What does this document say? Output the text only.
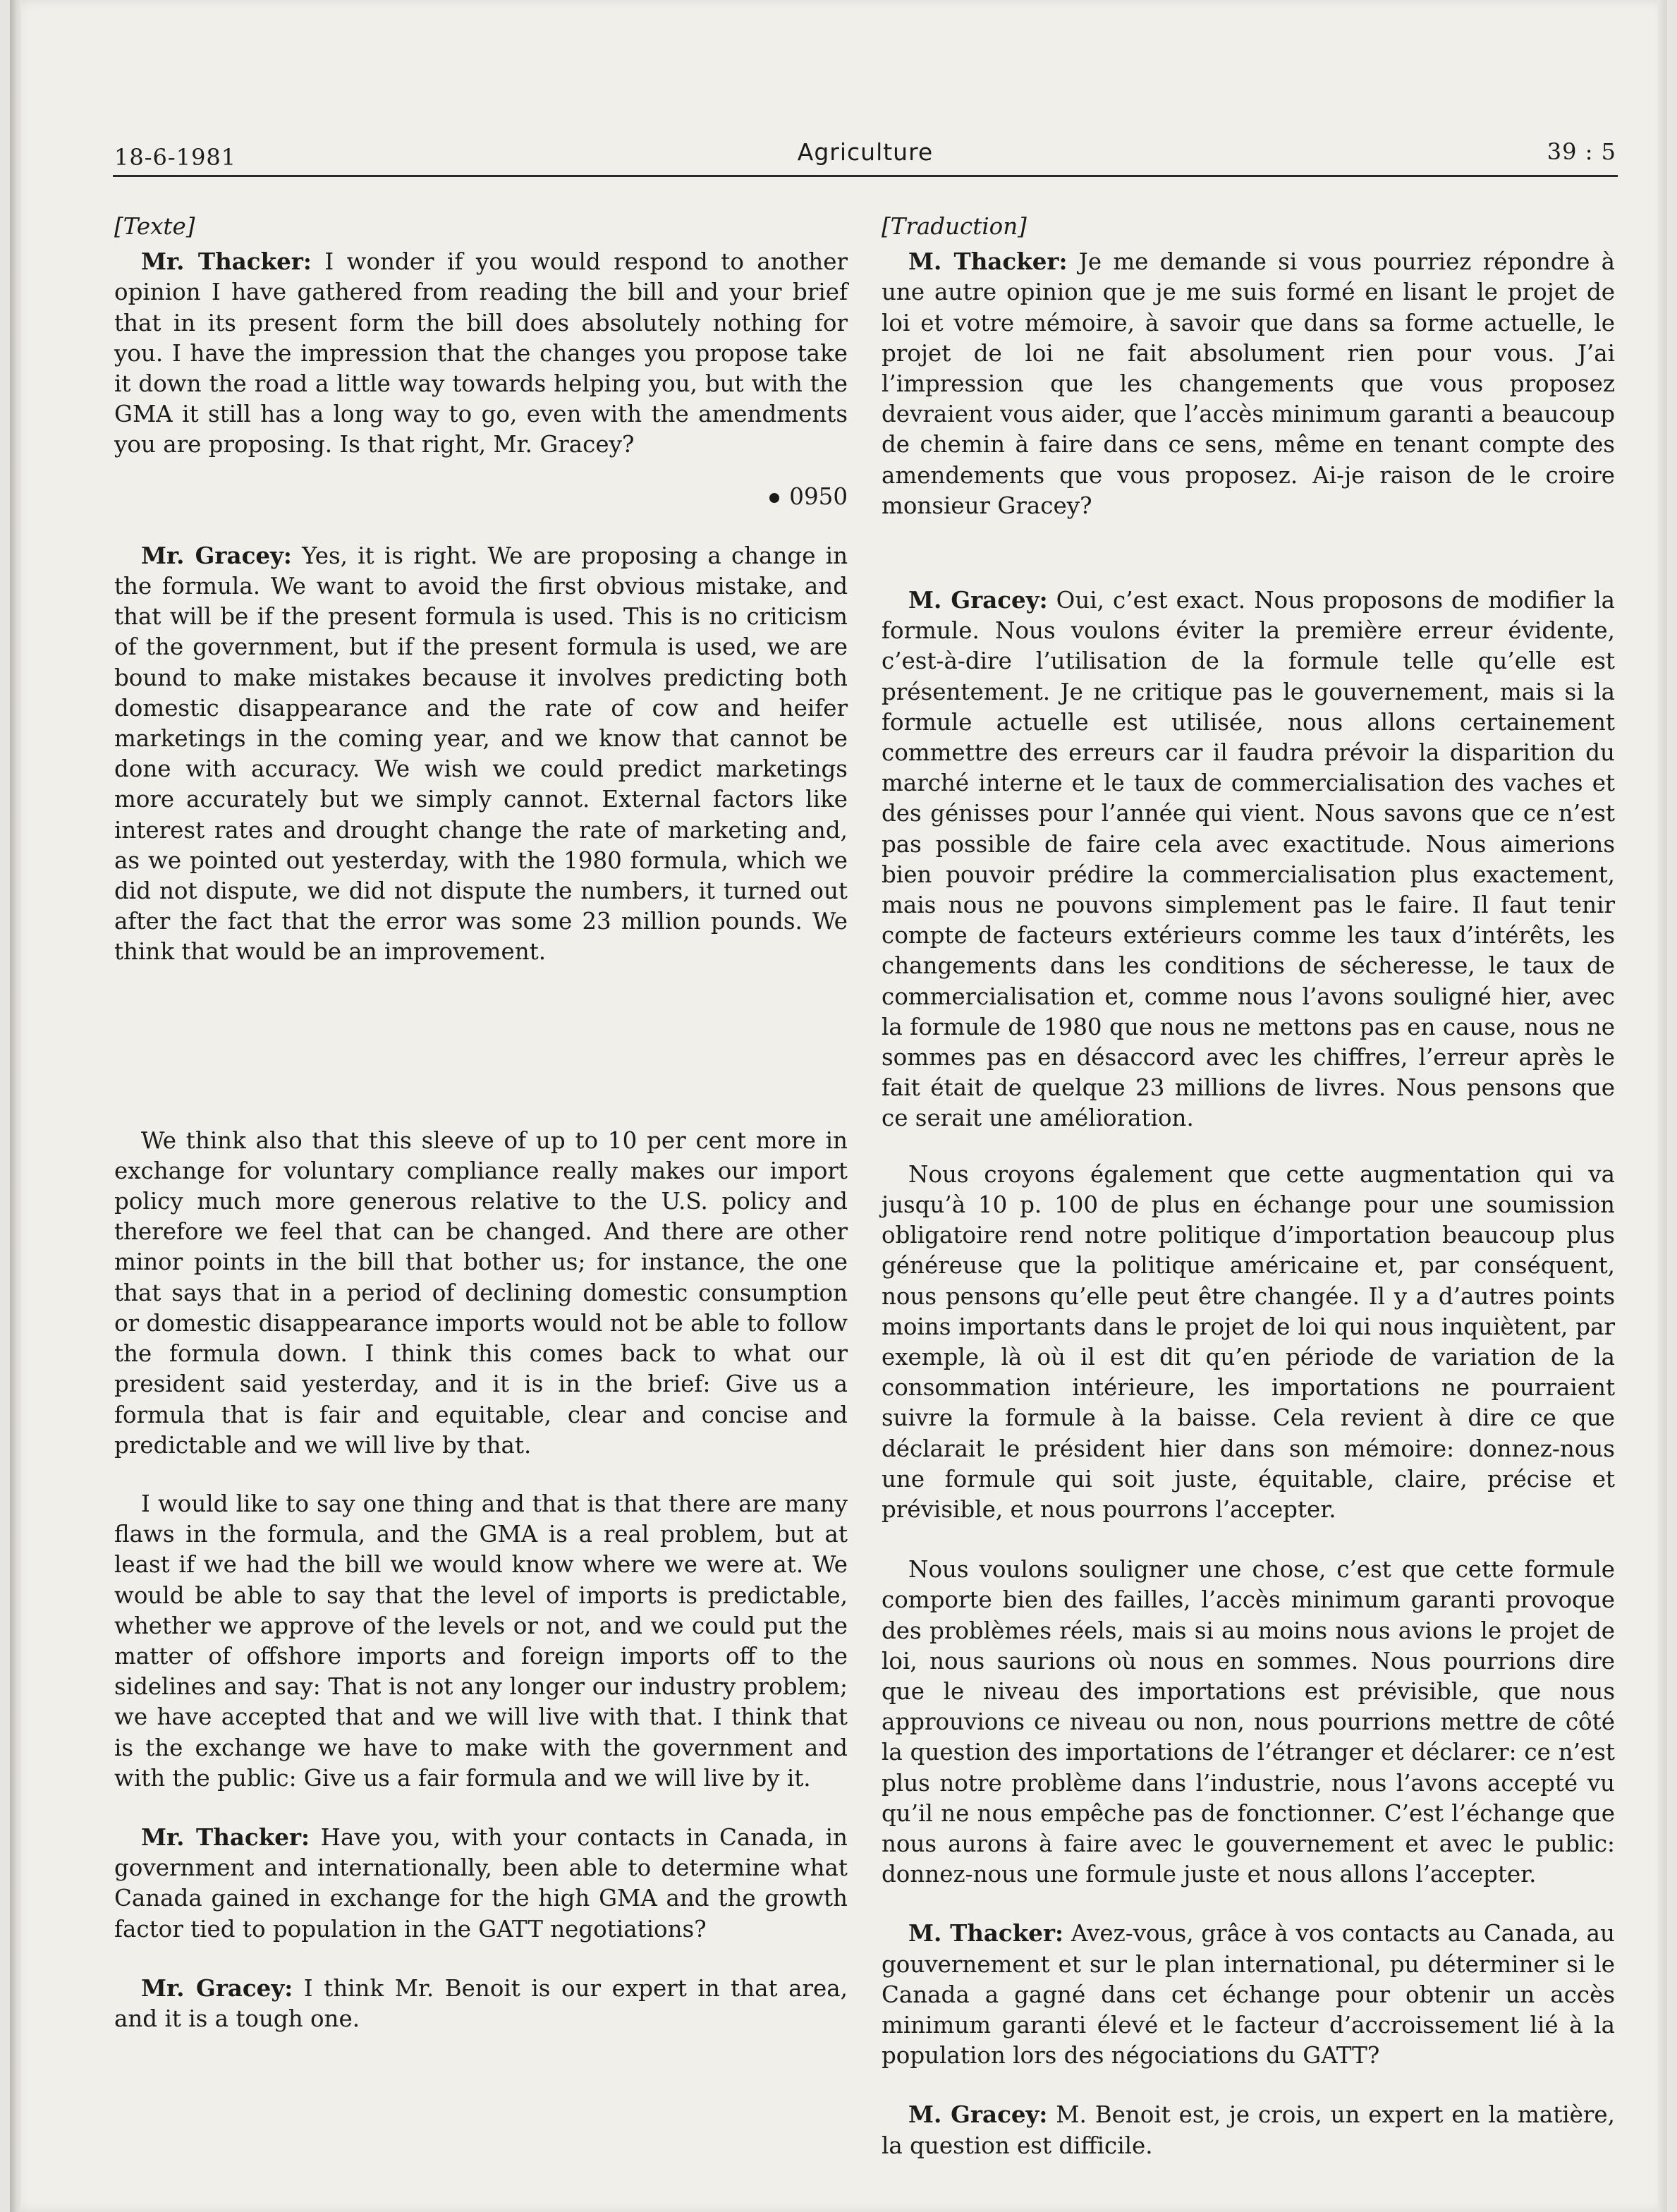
18-6-1981	Agriculture	39 : 5

[Texte]

Mr. Thacker: I wonder if you would respond to another opinion I have gathered from reading the bill and your brief that in its present form the bill does absolutely nothing for you. I have the impression that the changes you propose take it down the road a little way towards helping you, but with the GMA it still has a long way to go, even with the amendments you are proposing. Is that right, Mr. Gracey?

0950

Mr. Gracey: Yes, it is right. We are proposing a change in the formula. We want to avoid the first obvious mistake, and that will be if the present formula is used. This is no criticism of the government, but if the present formula is used, we are bound to make mistakes because it involves predicting both domestic disappearance and the rate of cow and heifer marketings in the coming year, and we know that cannot be done with accuracy. We wish we could predict marketings more accurately but we simply cannot. External factors like interest rates and drought change the rate of marketing and, as we pointed out yesterday, with the 1980 formula, which we did not dispute, we did not dispute the numbers, it turned out after the fact that the error was some 23 million pounds. We think that would be an improvement.

We think also that this sleeve of up to 10 per cent more in exchange for voluntary compliance really makes our import policy much more generous relative to the U.S. policy and therefore we feel that can be changed. And there are other minor points in the bill that bother us; for instance, the one that says that in a period of declining domestic consumption or domestic disappearance imports would not be able to follow the formula down. I think this comes back to what our president said yesterday, and it is in the brief: Give us a formula that is fair and equitable, clear and concise and predictable and we will live by that.

I would like to say one thing and that is that there are many flaws in the formula, and the GMA is a real problem, but at least if we had the bill we would know where we were at. We would be able to say that the level of imports is predictable, whether we approve of the levels or not, and we could put the matter of offshore imports and foreign imports off to the sidelines and say: That is not any longer our industry problem; we have accepted that and we will live with that. I think that is the exchange we have to make with the government and with the public: Give us a fair formula and we will live by it.

Mr. Thacker: Have you, with your contacts in Canada, in government and internationally, been able to determine what Canada gained in exchange for the high GMA and the growth factor tied to population in the GATT negotiations?

Mr. Gracey: I think Mr. Benoit is our expert in that area, and it is a tough one.

[Traduction]

M. Thacker: Je me demande si vous pourriez répondre à une autre opinion que je me suis formé en lisant le projet de loi et votre mémoire, à savoir que dans sa forme actuelle, le projet de loi ne fait absolument rien pour vous. J’ai l’impression que les changements que vous proposez devraient vous aider, que l’accès minimum garanti a beaucoup de chemin à faire dans ce sens, même en tenant compte des amendements que vous proposez. Ai-je raison de le croire monsieur Gracey?

M. Gracey: Oui, c’est exact. Nous proposons de modifier la formule. Nous voulons éviter la première erreur évidente, c’est-à-dire l’utilisation de la formule telle qu’elle est présentement. Je ne critique pas le gouvernement, mais si la formule actuelle est utilisée, nous allons certainement commettre des erreurs car il faudra prévoir la disparition du marché interne et le taux de commercialisation des vaches et des génisses pour l’année qui vient. Nous savons que ce n’est pas possible de faire cela avec exactitude. Nous aimerions bien pouvoir prédire la commercialisation plus exactement, mais nous ne pouvons simplement pas le faire. Il faut tenir compte de facteurs extérieurs comme les taux d’intérêts, les changements dans les conditions de sécheresse, le taux de commercialisation et, comme nous l’avons souligné hier, avec la formule de 1980 que nous ne mettons pas en cause, nous ne sommes pas en désaccord avec les chiffres, l’erreur après le fait était de quelque 23 millions de livres. Nous pensons que ce serait une amélioration.

Nous croyons également que cette augmentation qui va jusqu’à 10 p. 100 de plus en échange pour une soumission obligatoire rend notre politique d’importation beaucoup plus généreuse que la politique américaine et, par conséquent, nous pensons qu’elle peut être changée. Il y a d’autres points moins importants dans le projet de loi qui nous inquiètent, par exemple, là où il est dit qu’en période de variation de la consommation intérieure, les importations ne pourraient suivre la formule à la baisse. Cela revient à dire ce que déclarait le président hier dans son mémoire: donnez-nous une formule qui soit juste, équitable, claire, précise et prévisible, et nous pourrons l’accepter.

Nous voulons souligner une chose, c’est que cette formule comporte bien des failles, l’accès minimum garanti provoque des problèmes réels, mais si au moins nous avions le projet de loi, nous saurions où nous en sommes. Nous pourrions dire que le niveau des importations est prévisible, que nous approuvions ce niveau ou non, nous pourrions mettre de côté la question des importations de l’étranger et déclarer: ce n’est plus notre problème dans l’industrie, nous l’avons accepté vu qu’il ne nous empêche pas de fonctionner. C’est l’échange que nous aurons à faire avec le gouvernement et avec le public: donnez-nous une formule juste et nous allons l’accepter.

M. Thacker: Avez-vous, grâce à vos contacts au Canada, au gouvernement et sur le plan international, pu déterminer si le Canada a gagné dans cet échange pour obtenir un accès minimum garanti élevé et le facteur d’accroissement lié à la population lors des négociations du GATT?

M. Gracey: M. Benoit est, je crois, un expert en la matière, la question est difficile.
